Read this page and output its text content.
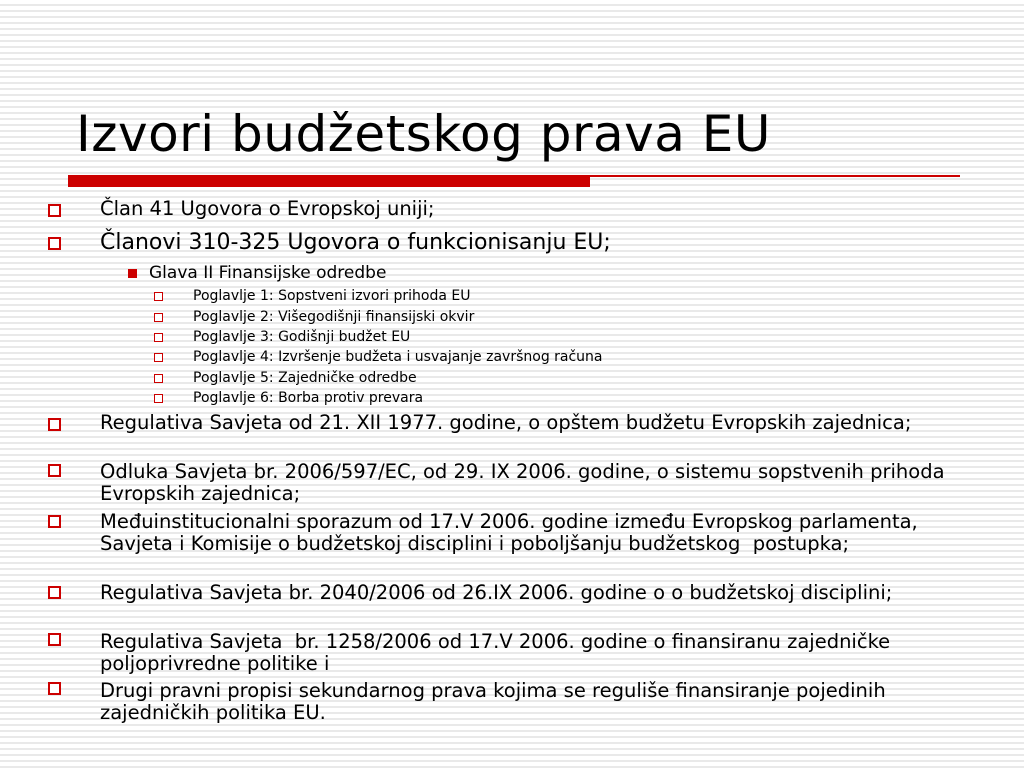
Izvori budžetskog prava EU
Član 41 Ugovora o Evropskoj uniji;
Članovi 310-325 Ugovora o funkcionisanju EU;
Glava II Finansijske odredbe
Poglavlje 1: Sopstveni izvori prihoda EU
Poglavlje 2: Višegodišnji finansijski okvir
Poglavlje 3: Godišnji budžet EU
Poglavlje 4: Izvršenje budžeta i usvajanje završnog računa
Poglavlje 5: Zajedničke odredbe
Poglavlje 6: Borba protiv prevara
Regulativa Savjeta od 21. XII 1977. godine, o opštem budžetu Evropskih zajednica;
Odluka Savjeta br. 2006/597/EC, od 29. IX 2006. godine, o sistemu sopstvenih prihoda Evropskih zajednica;
Međuinstitucionalni sporazum od 17.V 2006. godine između Evropskog parlamenta, Savjeta i Komisije o budžetskoj disciplini i poboljšanju budžetskog  postupka;
Regulativa Savjeta br. 2040/2006 od 26.IX 2006. godine o o budžetskoj disciplini;
Regulativa Savjeta  br. 1258/2006 od 17.V 2006. godine o finansiranu zajedničke poljoprivredne politike i
Drugi pravni propisi sekundarnog prava kojima se reguliše finansiranje pojedinih zajedničkih politika EU.
